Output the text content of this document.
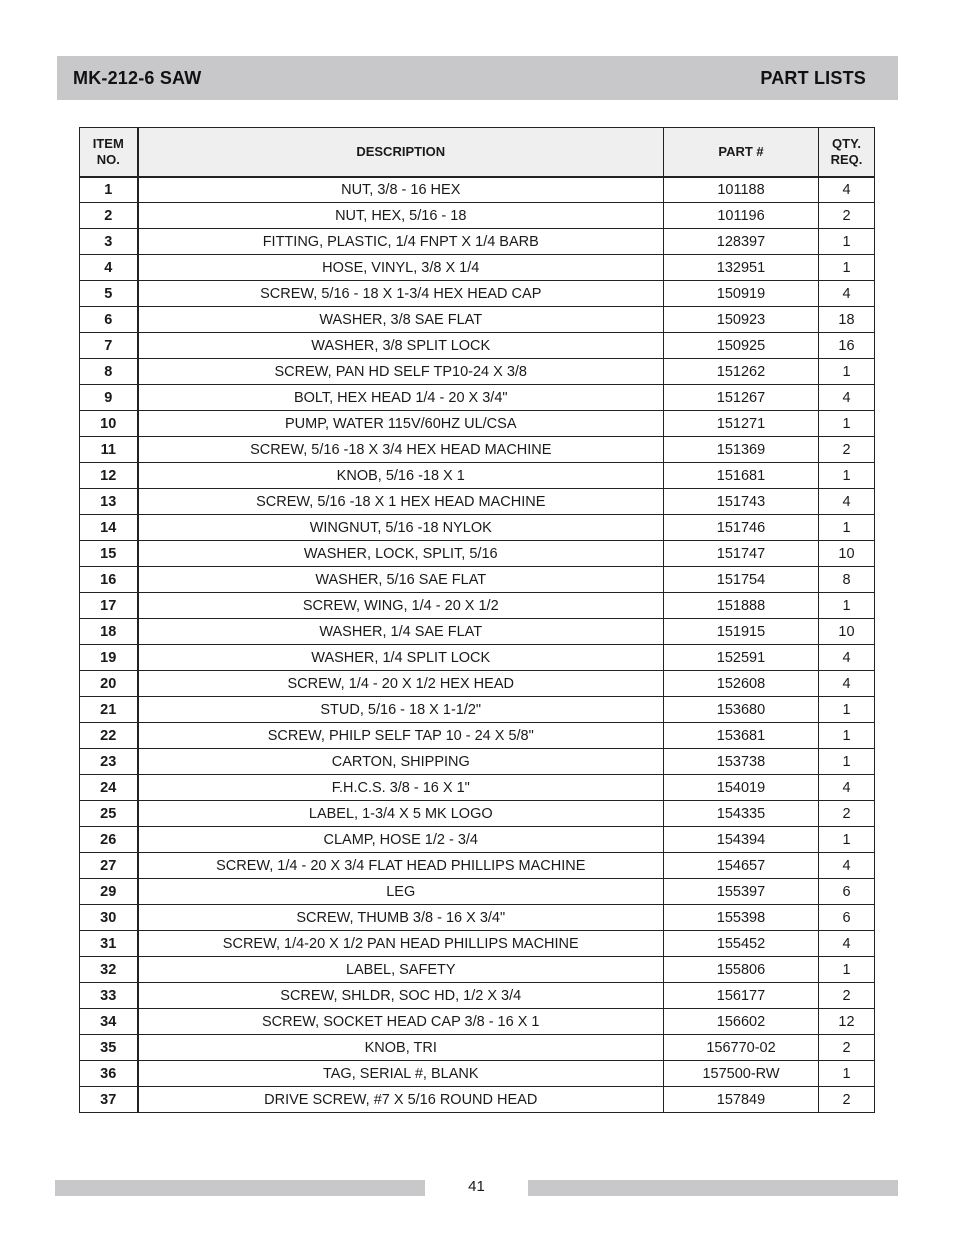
MK-212-6 SAW	PART LISTS
ITEM
NO.	DESCRIPTION	PART #	QTY.
REQ.
1	NUT, 3/8 - 16 HEX	101188	4
2	NUT, HEX, 5/16 - 18	101196	2
3	FITTING, PLASTIC, 1/4 FNPT X 1/4 BARB	128397	1
4	HOSE, VINYL, 3/8 X 1/4	132951	1
5	SCREW, 5/16 - 18 X 1-3/4 HEX HEAD CAP	150919	4
6	WASHER, 3/8 SAE FLAT	150923	18
7	WASHER, 3/8 SPLIT LOCK	150925	16
8	SCREW, PAN HD SELF TP10-24 X 3/8	151262	1
9	BOLT, HEX HEAD 1/4 - 20 X 3/4"	151267	4
10	PUMP, WATER 115V/60HZ UL/CSA	151271	1
11	SCREW, 5/16 -18 X 3/4 HEX HEAD MACHINE	151369	2
12	KNOB, 5/16 -18 X 1	151681	1
13	SCREW, 5/16 -18 X 1 HEX HEAD MACHINE	151743	4
14	WINGNUT, 5/16 -18 NYLOK	151746	1
15	WASHER, LOCK, SPLIT, 5/16	151747	10
16	WASHER, 5/16 SAE FLAT	151754	8
17	SCREW, WING, 1/4 - 20 X 1/2	151888	1
18	WASHER, 1/4 SAE FLAT	151915	10
19	WASHER, 1/4 SPLIT LOCK	152591	4
20	SCREW, 1/4 - 20 X 1/2 HEX HEAD	152608	4
21	STUD, 5/16 - 18 X 1-1/2"	153680	1
22	SCREW, PHILP SELF TAP 10 - 24 X 5/8"	153681	1
23	CARTON, SHIPPING	153738	1
24	F.H.C.S. 3/8 - 16 X 1"	154019	4
25	LABEL, 1-3/4 X 5 MK LOGO	154335	2
26	CLAMP, HOSE 1/2 - 3/4	154394	1
27	SCREW, 1/4 - 20 X 3/4 FLAT HEAD PHILLIPS MACHINE	154657	4
29	LEG	155397	6
30	SCREW, THUMB 3/8 - 16 X 3/4"	155398	6
31	SCREW, 1/4-20 X 1/2 PAN HEAD PHILLIPS MACHINE	155452	4
32	LABEL, SAFETY	155806	1
33	SCREW, SHLDR, SOC HD, 1/2 X 3/4	156177	2
34	SCREW, SOCKET HEAD CAP 3/8 - 16 X 1	156602	12
35	KNOB, TRI	156770-02	2
36	TAG, SERIAL #, BLANK	157500-RW	1
37	DRIVE SCREW, #7 X 5/16 ROUND HEAD	157849	2
41
